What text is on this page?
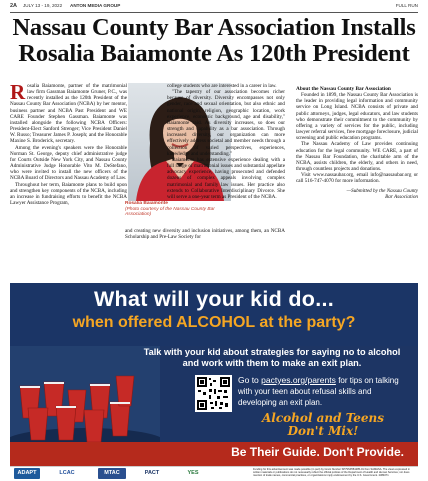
2A JULY 13 - 19, 2022 ANTON MEDIA GROUP	FULL RUN
Nassau County Bar Association Installs
Rosalia Baiamonte As 120th President

Rosalia Baiamonte, partner of the matrimonial law firm Gassman Baiamonte Gruner, P.C., was recently installed as the 120th President of the Nassau County Bar Association (NCBA) by her mentor, business partner and NCBA Past President and WE CARE Founder Stephen Gassman. Baiamonte was installed alongside the following NCBA Officers: President-Elect Sanford Strenger; Vice President Daniel W. Russo; Treasurer James P. Joseph; and the Honorable Maxine S. Broderick, secretary.

Among the evening's speakers were the Honorable Norman St. George, deputy chief administrative judge for Courts Outside New York City, and Nassau County Administrative Judge Honorable Vito M. DeStefano, who were invited to install the new officers of the NCBA Board of Directors and Nassau Academy of Law.

Throughout her term, Baiamonte plans to build upon and strengthen key components of the NCBA, including an increase in fundraising efforts to benefit the NCBA Lawyer Assistance Program,	Rosalia Baiamonte
(Photo courtesy of the Nassau County Bar Association)

and creating new diversity and inclusion initiatives, among them, an NCBA Scholarship and Pre-Law Society for

college students who are interested in a career in law.

"The tapestry of our association becomes richer because of diversity. Diversity encompasses not only gender, race and sexual orientation, but also ethnic and national origin, religion, geographic location, work experience, economic background, age and disability," Baiamonte said. As diversity increases, so does our strength and capability as a bar association. Through increased diversity, our organization can more effectively address societal and member needs through a collection of varied perspectives, experiences, knowledge and understanding."

Baiamonte has extensive experience dealing with a full range of matrimonial issues and substantial appellate advocacy experience, having prosecuted and defended dozens of complex appeals involving complex matrimonial and family law issues. Her practice also extends to Collaborative Interdisciplinary Divorce. She will serve a one-year term as President of the NCBA.

About the Nassau County Bar Association

Founded in 1899, the Nassau County Bar Association is the leader in providing legal information and community service on Long Island. NCBA consists of private and public attorneys, judges, legal educators, and law students who demonstrate their commitment to the community by offering a variety of services for the public, including lawyer referral services, free mortgage foreclosure, judicial screening and public education programs.

The Nassau Academy of Law provides continuing education for the legal community. WE CARE, a part of the Nassau Bar Foundation, the charitable arm of the NCBA, assists children, the elderly, and others in need, through countless projects and donations.

Visit www.nassaubar.org, email info@nassaubar.org or call 516-747-4070 for more information.

—Submitted by the Nassau County
Bar Association
What will your kid do...
when offered ALCOHOL at the party?
Talk with your kid about strategies for saying no to alcohol and work with them to make an exit plan.
Go to pactyes.org/parents for tips on talking with your teen about refusal skills and developing an exit plan.
Alcohol and Teens
Don't Mix!
Be Their Guide. Don't Provide.
ADAPT	LCAC	MTAC	PACT	YES
Funding for this advertisement was made possible (in part) by Grant Number SP79SP081285-01 from SAMHSA. The views expressed in written materials or publications do not necessarily reflect the official policies of the Department of Health and Human Services; nor does mention of trade names, commercial practices, or organizations imply endorsement by the U.S. Government. 2384071
